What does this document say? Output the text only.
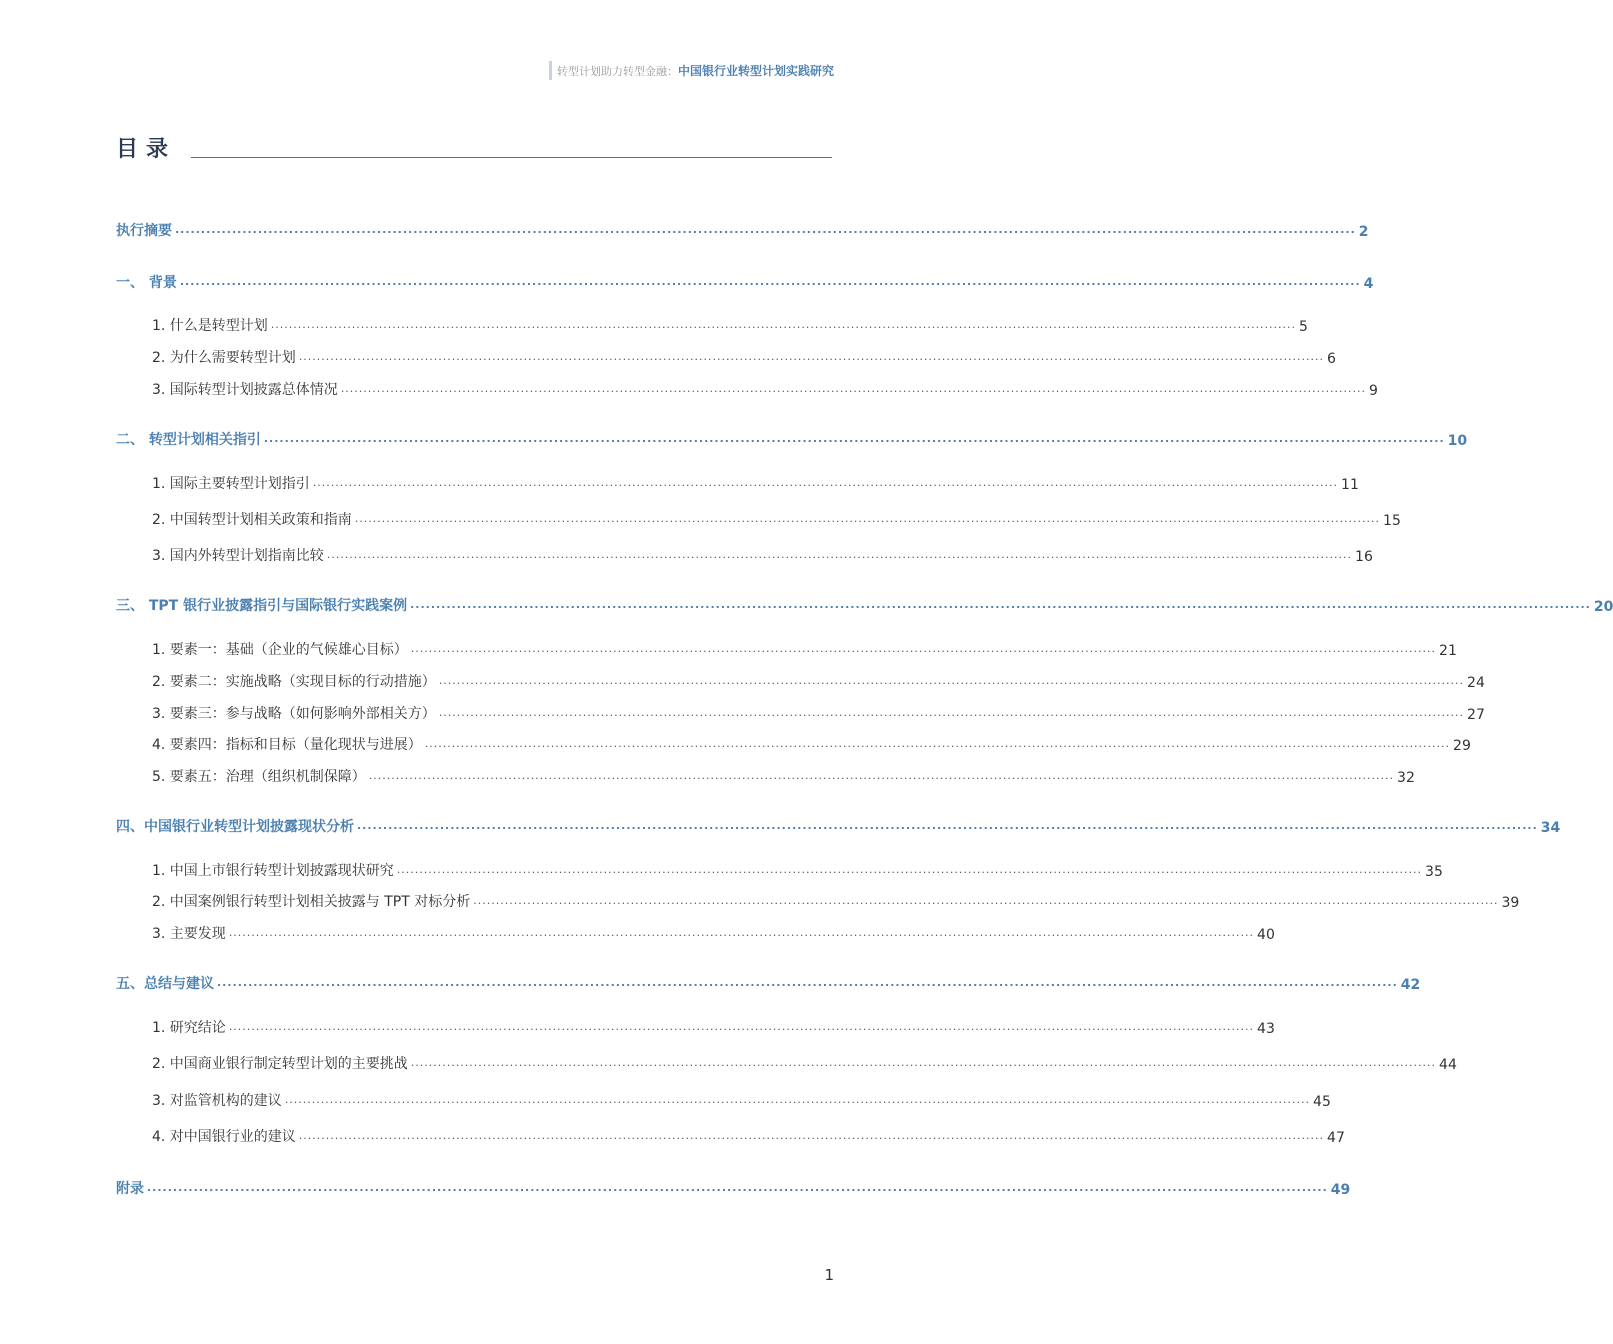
转型计划助力转型金融： 中国银行业转型计划实践研究
目录
执行摘要 .................................................................................................................................................................................................................................... 2
一、 背景 .................................................................................................................................................................................................................................... 4
1. 什么是转型计划 .................................................................................................................................................................................................................................... 5
2. 为什么需要转型计划 .................................................................................................................................................................................................................................... 6
3. 国际转型计划披露总体情况 .................................................................................................................................................................................................................................... 9
二、 转型计划相关指引 .................................................................................................................................................................................................................................... 10
1. 国际主要转型计划指引 .................................................................................................................................................................................................................................... 11
2. 中国转型计划相关政策和指南 .................................................................................................................................................................................................................................... 15
3. 国内外转型计划指南比较 .................................................................................................................................................................................................................................... 16
三、 TPT 银行业披露指引与国际银行实践案例 .................................................................................................................................................................................................................................... 20
1. 要素一：基础（企业的气候雄心目标） .................................................................................................................................................................................................................................... 21
2. 要素二：实施战略（实现目标的行动措施） .................................................................................................................................................................................................................................... 24
3. 要素三：参与战略（如何影响外部相关方） .................................................................................................................................................................................................................................... 27
4. 要素四：指标和目标（量化现状与进展） .................................................................................................................................................................................................................................... 29
5. 要素五：治理（组织机制保障） .................................................................................................................................................................................................................................... 32
四、中国银行业转型计划披露现状分析 .................................................................................................................................................................................................................................... 34
1. 中国上市银行转型计划披露现状研究 .................................................................................................................................................................................................................................... 35
2. 中国案例银行转型计划相关披露与 TPT 对标分析 .................................................................................................................................................................................................................................... 39
3. 主要发现 .................................................................................................................................................................................................................................... 40
五、总结与建议 .................................................................................................................................................................................................................................... 42
1. 研究结论 .................................................................................................................................................................................................................................... 43
2. 中国商业银行制定转型计划的主要挑战 .................................................................................................................................................................................................................................... 44
3. 对监管机构的建议 .................................................................................................................................................................................................................................... 45
4. 对中国银行业的建议 .................................................................................................................................................................................................................................... 47
附录 .................................................................................................................................................................................................................................... 49
1
